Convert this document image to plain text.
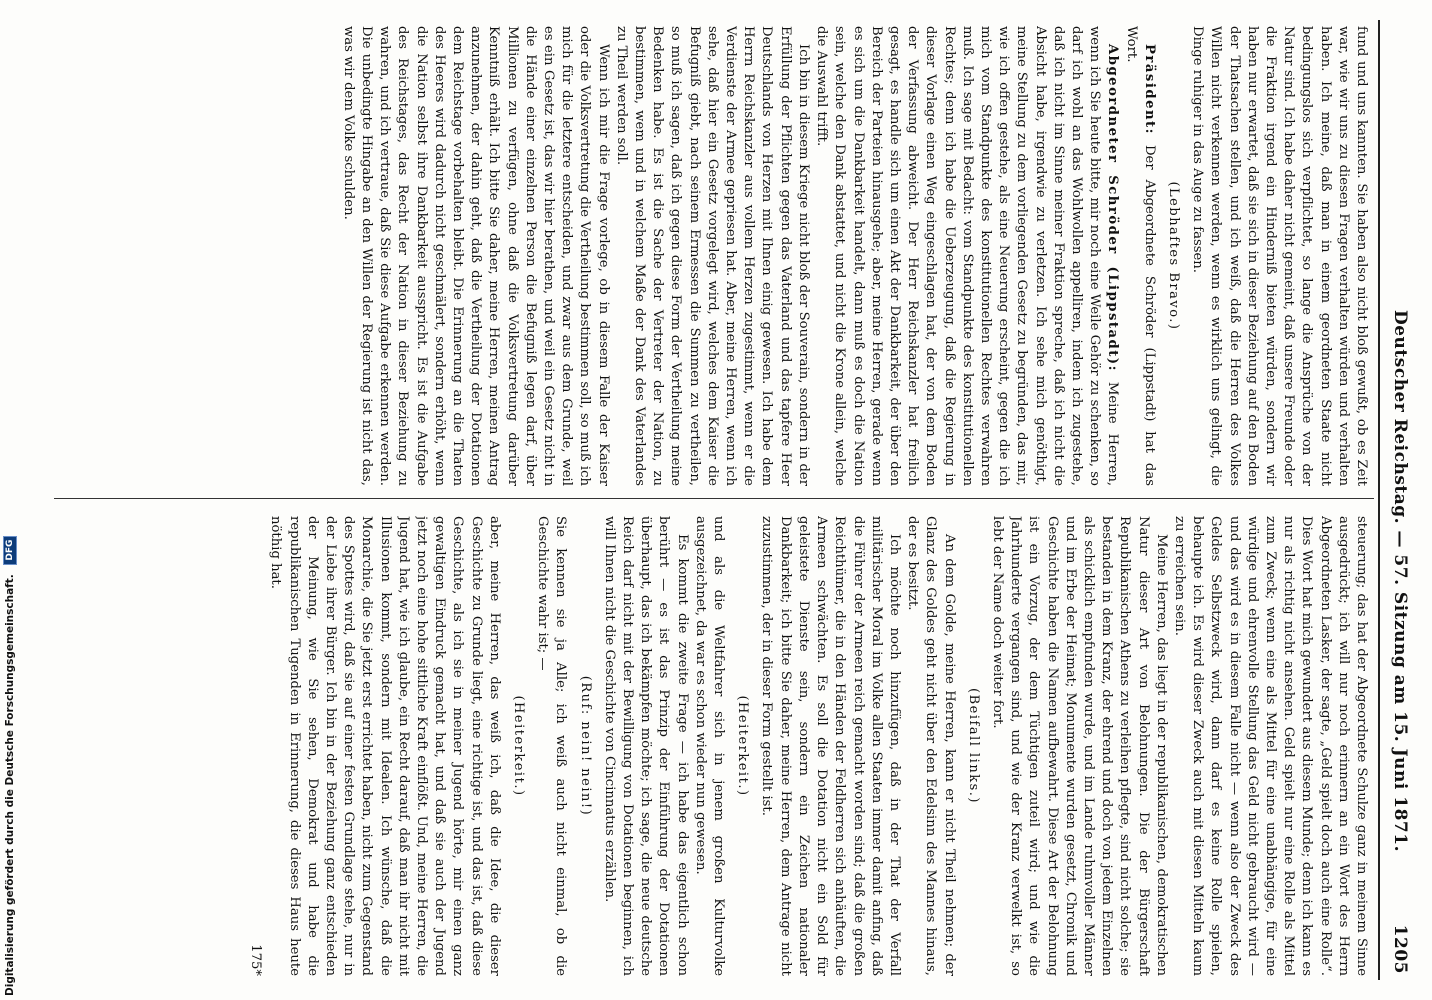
Deutscher Reichstag. — 57. Sitzung am 15. Juni 1871.
1205

fund und uns kannten. Sie haben also nicht bloß gewußt, ob es Zeit war, wie wir uns zu diesen Fragen verhalten würden und verhalten haben. Ich meine, daß man in einem geordneten Staate nicht bedingungslos sich verpflichtet, so lange die Ansprüche von der Natur sind. Ich habe daher nicht gemeint, daß unsere Freunde oder die Fraktion irgend ein Hinderniß bieten würden, sondern wir haben nur erwartet, daß sie sich in dieser Beziehung auf den Boden der Thatsachen stellen, und ich weiß, daß die Herren des Volkes Willen nicht verkennen werden, wenn es wirklich uns gelingt, die Dinge ruhiger in das Auge zu fassen.

(Lebhaftes Bravo.)

Präsident: Der Abgeordnete Schröder (Lippstadt) hat das Wort.

Abgeordneter Schröder (Lippstadt): Meine Herren, wenn ich Sie heute bitte, mir noch eine Weile Gehör zu schenken, so darf ich wohl an das Wohlwollen appelliren, indem ich zugestehe, daß ich nicht im Sinne meiner Fraktion spreche, daß ich nicht die Absicht habe, irgendwie zu verletzen. Ich sehe mich genöthigt, meine Stellung zu dem vorliegenden Gesetz zu begründen, das mir, wie ich offen gestehe, als eine Neuerung erscheint, gegen die ich mich vom Standpunkte des konstitutionellen Rechtes verwahren muß. Ich sage mit Bedacht: vom Standpunkte des konstitutionellen Rechtes; denn ich habe die Ueberzeugung, daß die Regierung in dieser Vorlage einen Weg eingeschlagen hat, der von dem Boden der Verfassung abweicht. Der Herr Reichskanzler hat freilich gesagt, es handle sich um einen Akt der Dankbarkeit, der über den Bereich der Parteien hinausgehe; aber, meine Herren, gerade wenn es sich um die Dankbarkeit handelt, dann muß es doch die Nation sein, welche den Dank abstattet, und nicht die Krone allein, welche die Auswahl trifft.

Ich bin in diesem Kriege nicht bloß der Souverain, sondern in der Erfüllung der Pflichten gegen das Vaterland und das tapfere Heer Deutschlands von Herzen mit Ihnen einig gewesen. Ich habe dem Herrn Reichskanzler aus vollem Herzen zugestimmt, wenn er die Verdienste der Armee gepriesen hat. Aber, meine Herren, wenn ich sehe, daß hier ein Gesetz vorgelegt wird, welches dem Kaiser die Befugniß giebt, nach seinem Ermessen die Summen zu vertheilen, so muß ich sagen, daß ich gegen diese Form der Vertheilung meine Bedenken habe. Es ist die Sache der Vertreter der Nation, zu bestimmen, wem und in welchem Maße der Dank des Vaterlandes zu Theil werden soll.

Wenn ich mir die Frage vorlege, ob in diesem Falle der Kaiser oder die Volksvertretung die Vertheilung bestimmen soll, so muß ich mich für die letztere entscheiden, und zwar aus dem Grunde, weil es ein Gesetz ist, das wir hier berathen, und weil ein Gesetz nicht in die Hände einer einzelnen Person die Befugniß legen darf, über Millionen zu verfügen, ohne daß die Volksvertretung darüber Kenntniß erhält. Ich bitte Sie daher, meine Herren, meinen Antrag anzunehmen, der dahin geht, daß die Vertheilung der Dotationen dem Reichstage vorbehalten bleibt. Die Erinnerung an die Thaten des Heeres wird dadurch nicht geschmälert, sondern erhöht, wenn die Nation selbst ihre Dankbarkeit ausspricht. Es ist die Aufgabe des Reichstages, das Recht der Nation in dieser Beziehung zu wahren, und ich vertraue, daß Sie diese Aufgabe erkennen werden. Die unbedingte Hingabe an den Willen der Regierung ist nicht das, was wir dem Volke schulden.

steuerung; das hat der Abgeordnete Schulze ganz in meinem Sinne ausgedrückt; ich will nur noch erinnern an ein Wort des Herrn Abgeordneten Lasker, der sagte, „Geld spielt doch auch eine Rolle“. Dies Wort hat mich gewundert aus diesem Munde; denn ich kann es nur als richtig nicht ansehen. Geld spielt nur eine Rolle als Mittel zum Zweck; wenn eine als Mittel für eine unabhängige, für eine würdige und ehrenvolle Stellung das Geld nicht gebraucht wird — und das wird es in diesem Falle nicht — wenn also der Zweck des Geldes Selbstzweck wird, dann darf es keine Rolle spielen, behaupte ich. Es wird dieser Zweck auch mit diesen Mitteln kaum zu erreichen sein.

Meine Herren, das liegt in der republikanischen, demokratischen Natur dieser Art von Belohnungen. Die der Bürgerschaft Republikanischen Athens zu verleihen pflegte, sind nicht solche; sie bestanden in dem Kranz, der ehrend und doch von jedem Einzelnen als schicklich empfunden wurde, und im Lande ruhmvoller Männer und im Erbe der Heimat; Monumente wurden gesetzt, Chronik und Geschichte haben die Namen aufbewahrt. Diese Art der Belohnung ist ein Vorzug, der dem Tüchtigen zuteil wird; und wie die Jahrhunderte vergangen sind, und wie der Kranz verwelkt ist, so lebt der Name doch weiter fort.

(Beifall links.)

An dem Golde, meine Herren, kann er nicht Theil nehmen; der Glanz des Goldes geht nicht über den Edelsinn des Mannes hinaus, der es besitzt.

Ich möchte noch hinzufügen, daß in der That der Verfall militärischer Moral im Volke allen Staaten immer damit anfing, daß die Führer der Armeen reich gemacht worden sind; daß die großen Reichthümer, die in den Händen der Feldherren sich anhäuften, die Armeen schwächten. Es soll die Dotation nicht ein Sold für geleistete Dienste sein, sondern ein Zeichen nationaler Dankbarkeit; ich bitte Sie daher, meine Herren, dem Antrage nicht zuzustimmen, der in dieser Form gestellt ist.

(Heiterkeit.)

und als die Weltfahrer sich in jenem großen Kulturvolke ausgezeichnet, da war es schon wieder nun gewesen.

Es kommt die zweite Frage — ich habe das eigentlich schon berührt — es ist das Prinzip der Einführung der Dotationen überhaupt, das ich bekämpfen möchte; ich sage, die neue deutsche Reich darf nicht mit der Bewilligung von Dotationen beginnen, ich will Ihnen nicht die Geschichte von Cincinnatus erzählen.

(Ruf: nein! nein!)

Sie kennen sie ja Alle; ich weiß auch nicht einmal, ob die Geschichte wahr ist; —

(Heiterkeit.)

aber, meine Herren, das weiß ich, daß die Idee, die dieser Geschichte zu Grunde liegt, eine richtige ist, und das ist, daß diese Geschichte, als ich sie in meiner Jugend hörte, mir einen ganz gewaltigen Eindruck gemacht hat, und daß sie auch der Jugend jetzt noch eine hohe sittliche Kraft einflößt. Und, meine Herren, die Jugend hat, wie ich glaube, ein Recht darauf, daß man ihr nicht mit Illusionen kommt, sondern mit Idealen. Ich wünsche, daß die Monarchie, die Sie jetzt erst errichtet haben, nicht zum Gegenstand des Spottes wird, daß sie auf einer festen Grundlage stehe, nur in der Liebe ihrer Bürger. Ich bin in der Beziehung ganz entschieden der Meinung, wie Sie sehen, Demokrat und habe die republikanischen Tugenden in Erinnerung, die dieses Haus heute nöthig hat.

175*
Digitalisierung gefördert durch die Deutsche Forschungsgemeinschaft. DFG
